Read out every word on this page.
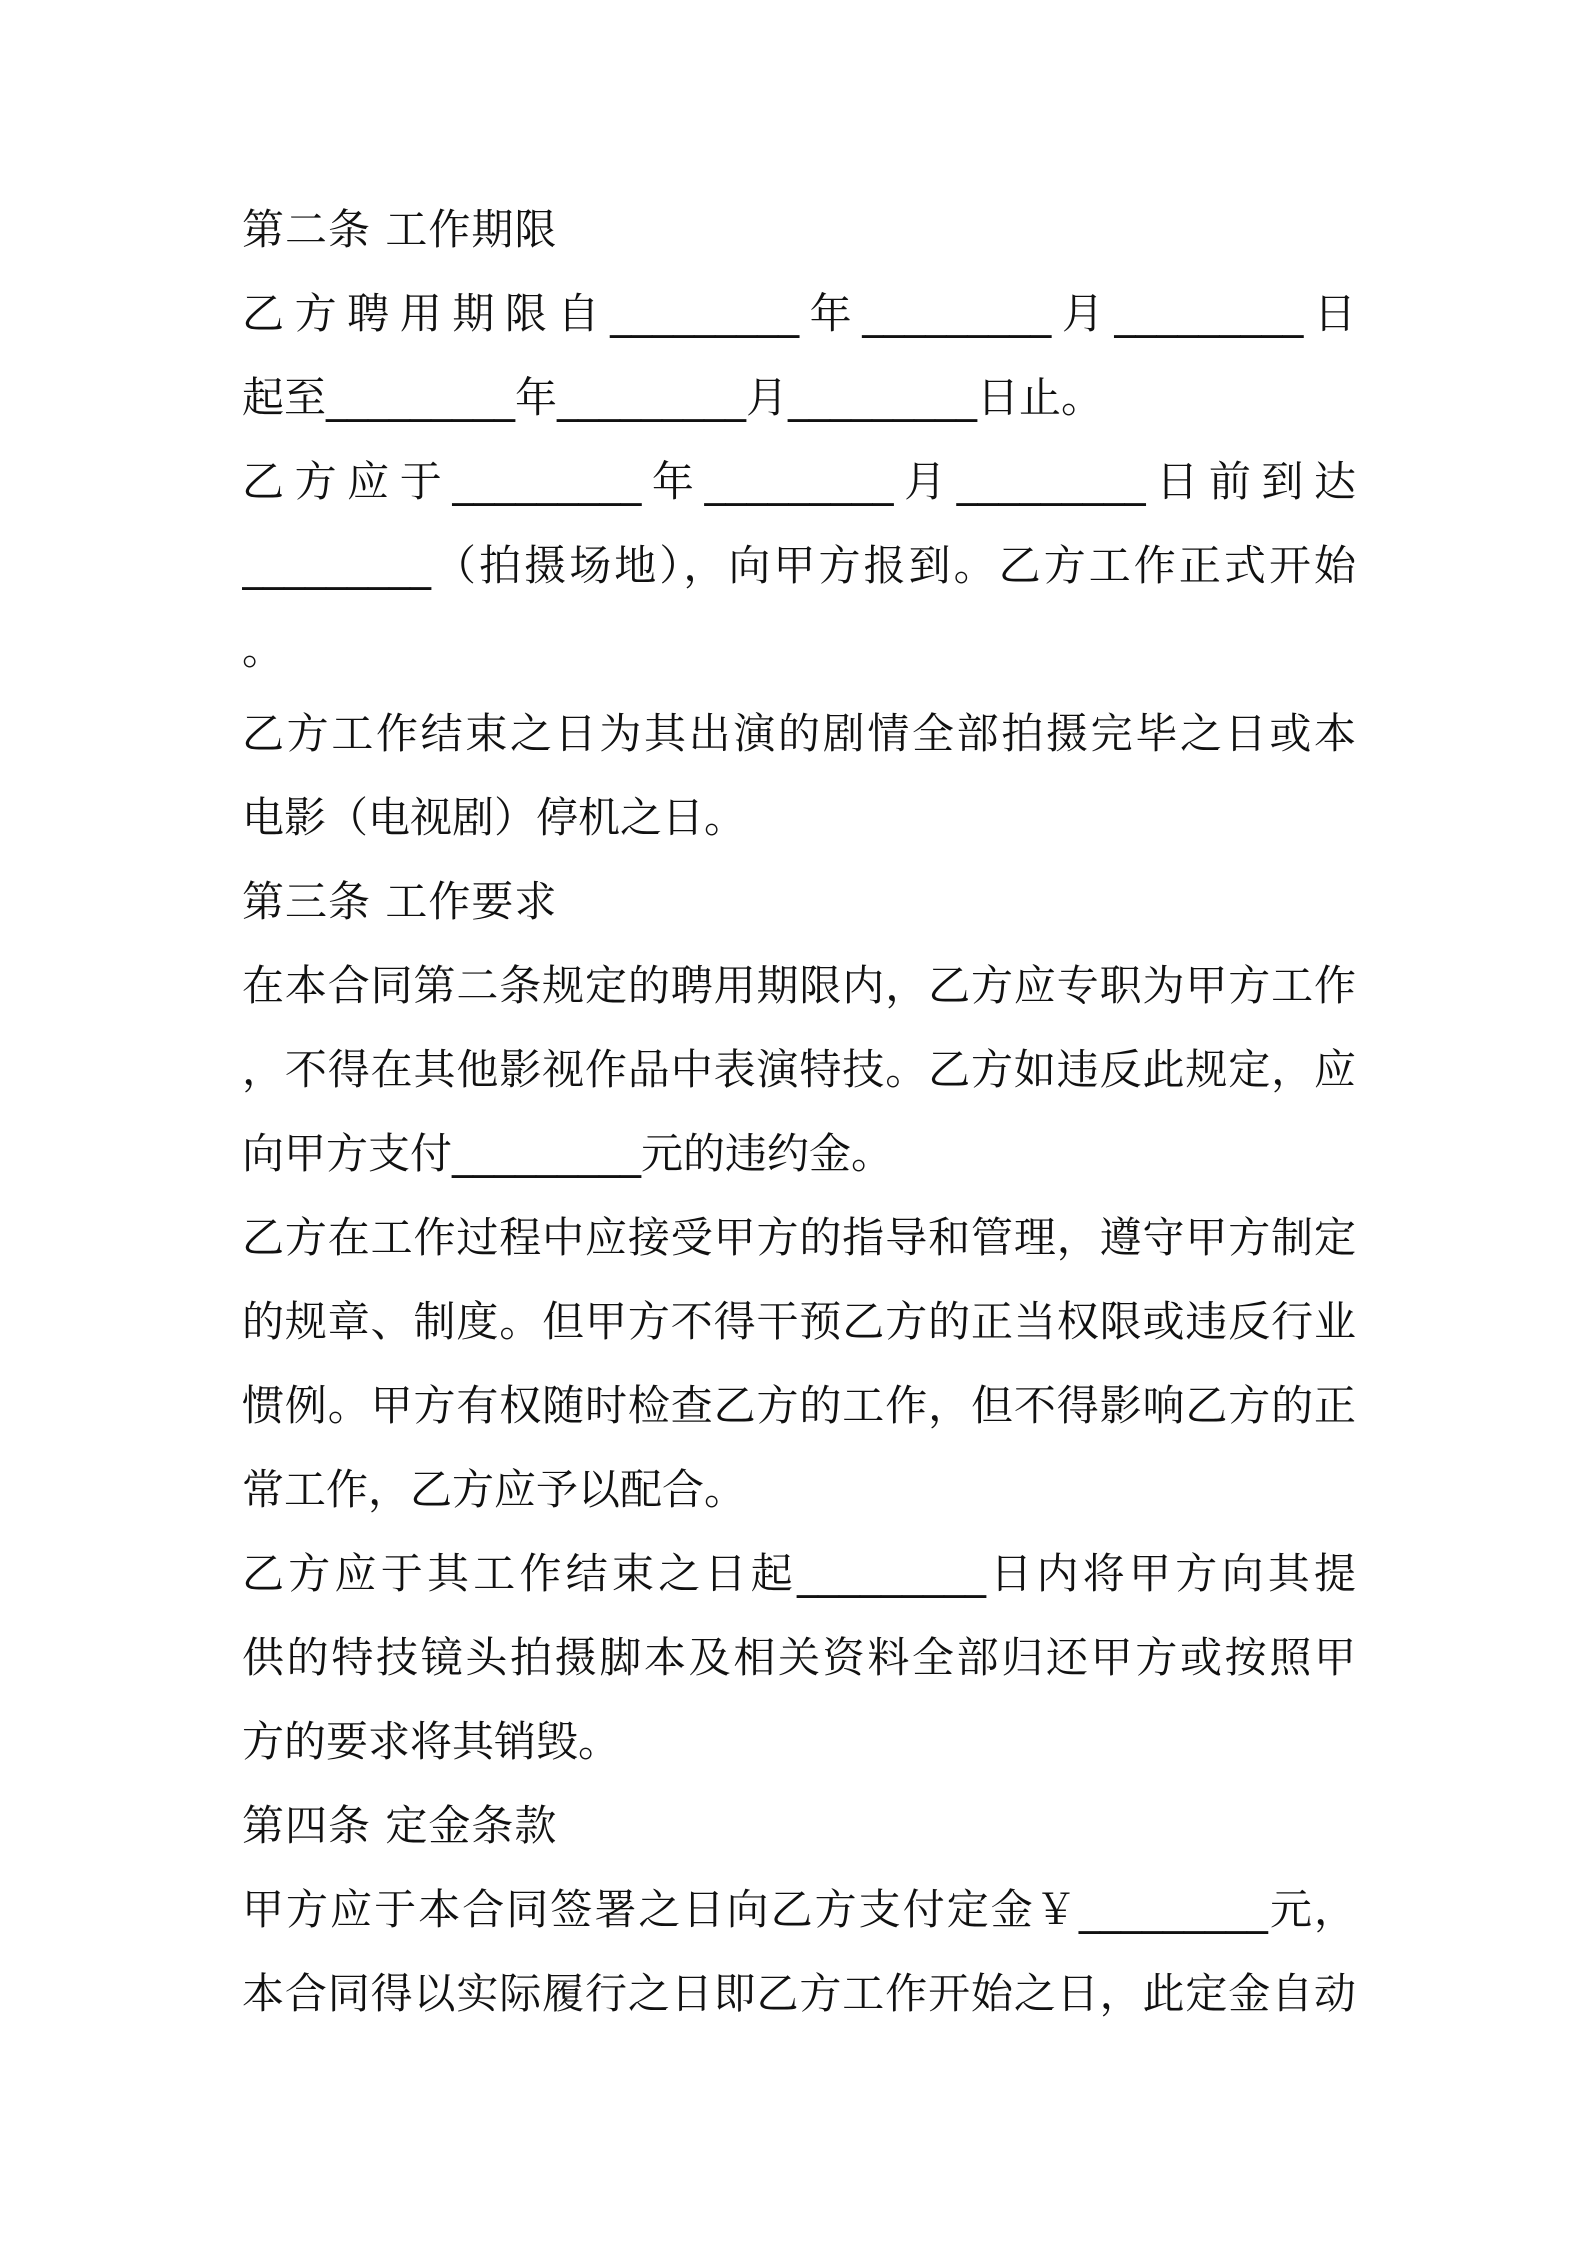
第二条 工作期限
乙方聘用期限自_________年_________月_________日
起至_________年_________月_________日止。
乙方应于_________年_________月_________日前到达
_________（拍摄场地），向甲方报到。乙方工作正式开始
。
乙方工作结束之日为其出演的剧情全部拍摄完毕之日或本
电影（电视剧）停机之日。
第三条 工作要求
在本合同第二条规定的聘用期限内，乙方应专职为甲方工作
，不得在其他影视作品中表演特技。乙方如违反此规定，应
向甲方支付_________元的违约金。
乙方在工作过程中应接受甲方的指导和管理，遵守甲方制定
的规章、制度。但甲方不得干预乙方的正当权限或违反行业
惯例。甲方有权随时检查乙方的工作，但不得影响乙方的正
常工作，乙方应予以配合。
乙方应于其工作结束之日起_________日内将甲方向其提
供的特技镜头拍摄脚本及相关资料全部归还甲方或按照甲
方的要求将其销毁。
第四条 定金条款
甲方应于本合同签署之日向乙方支付定金￥_________元，
本合同得以实际履行之日即乙方工作开始之日，此定金自动
